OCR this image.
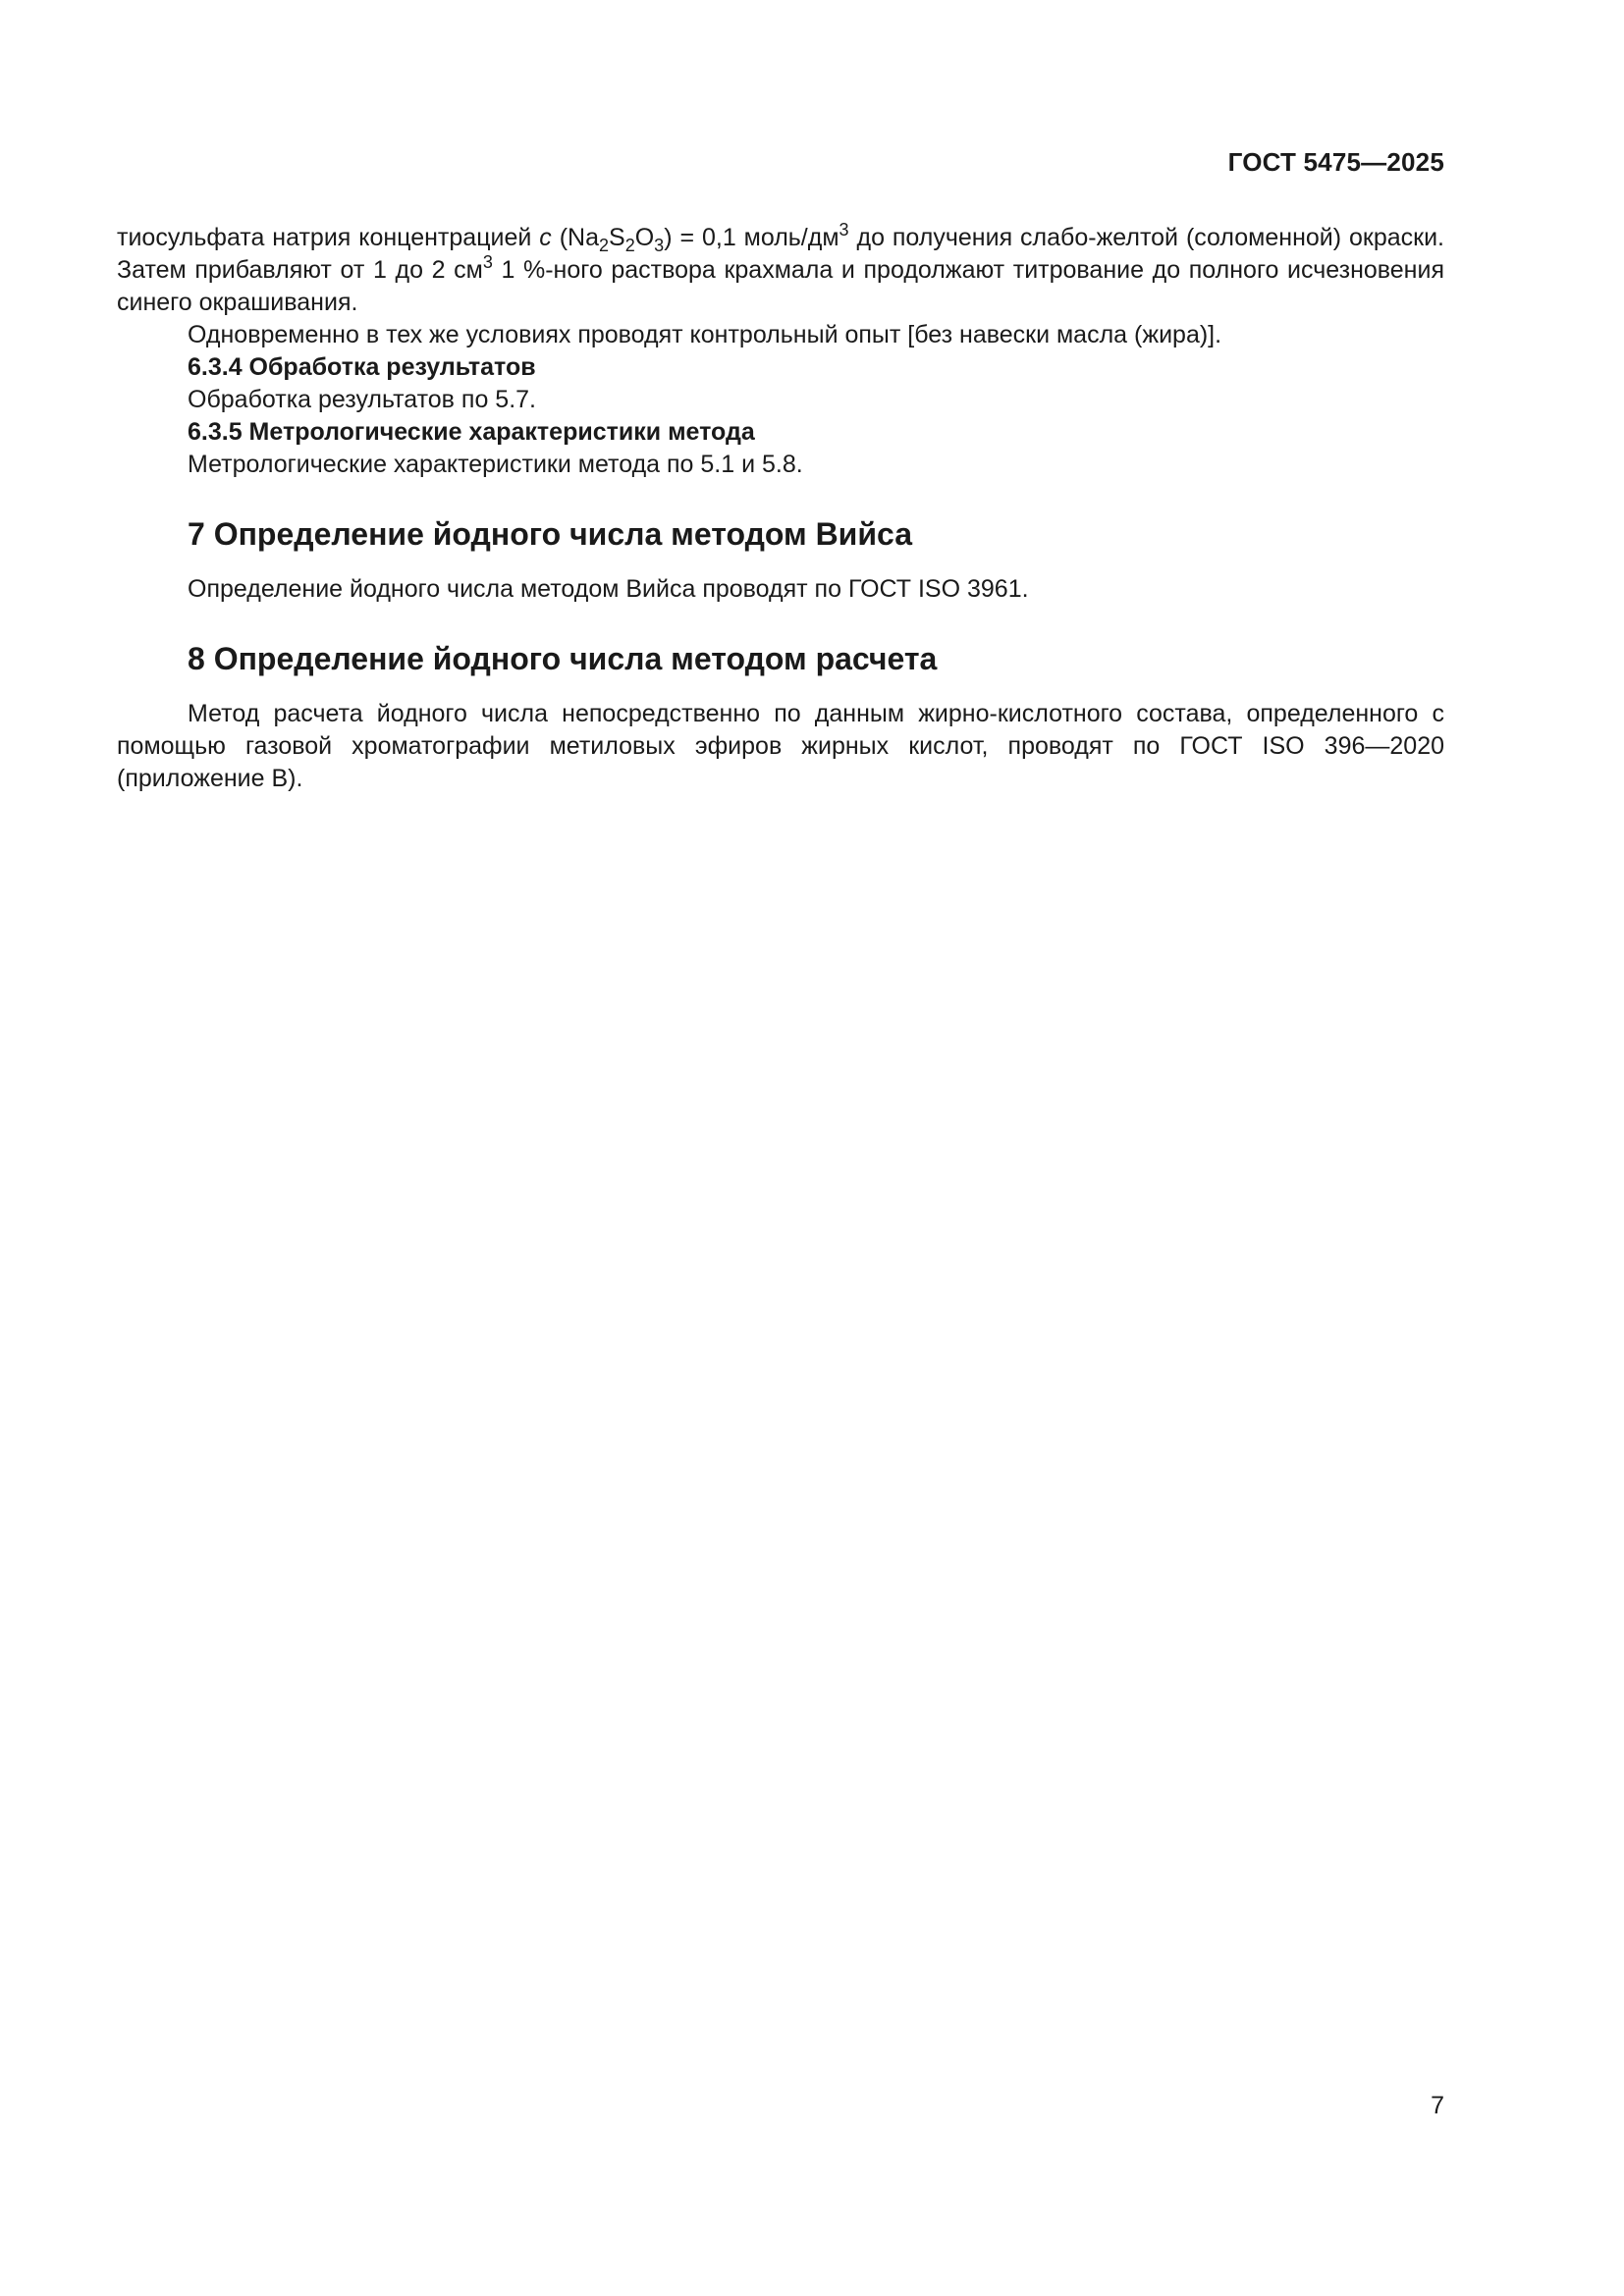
ГОСТ 5475—2025

тиосульфата натрия концентрацией c $(Na_2S_2O_3) = 0,1$ моль/$дм^3$ до получения слабо-желтой (соломенной) окраски. Затем прибавляют от 1 до 2 $см^3$ 1 %-ного раствора крахмала и продолжают титрование до полного исчезновения синего окрашивания.

Одновременно в тех же условиях проводят контрольный опыт [без навески масла (жира)].

6.3.4 Обработка результатов

Обработка результатов по 5.7.

6.3.5 Метрологические характеристики метода

Метрологические характеристики метода по 5.1 и 5.8.

7 Определение йодного числа методом Вийса

Определение йодного числа методом Вийса проводят по ГОСТ ISO 3961.

8 Определение йодного числа методом расчета

Метод расчета йодного числа непосредственно по данным жирно-кислотного состава, определенного с помощью газовой хроматографии метиловых эфиров жирных кислот, проводят по ГОСТ ISO 396—2020 (приложение В).

7
